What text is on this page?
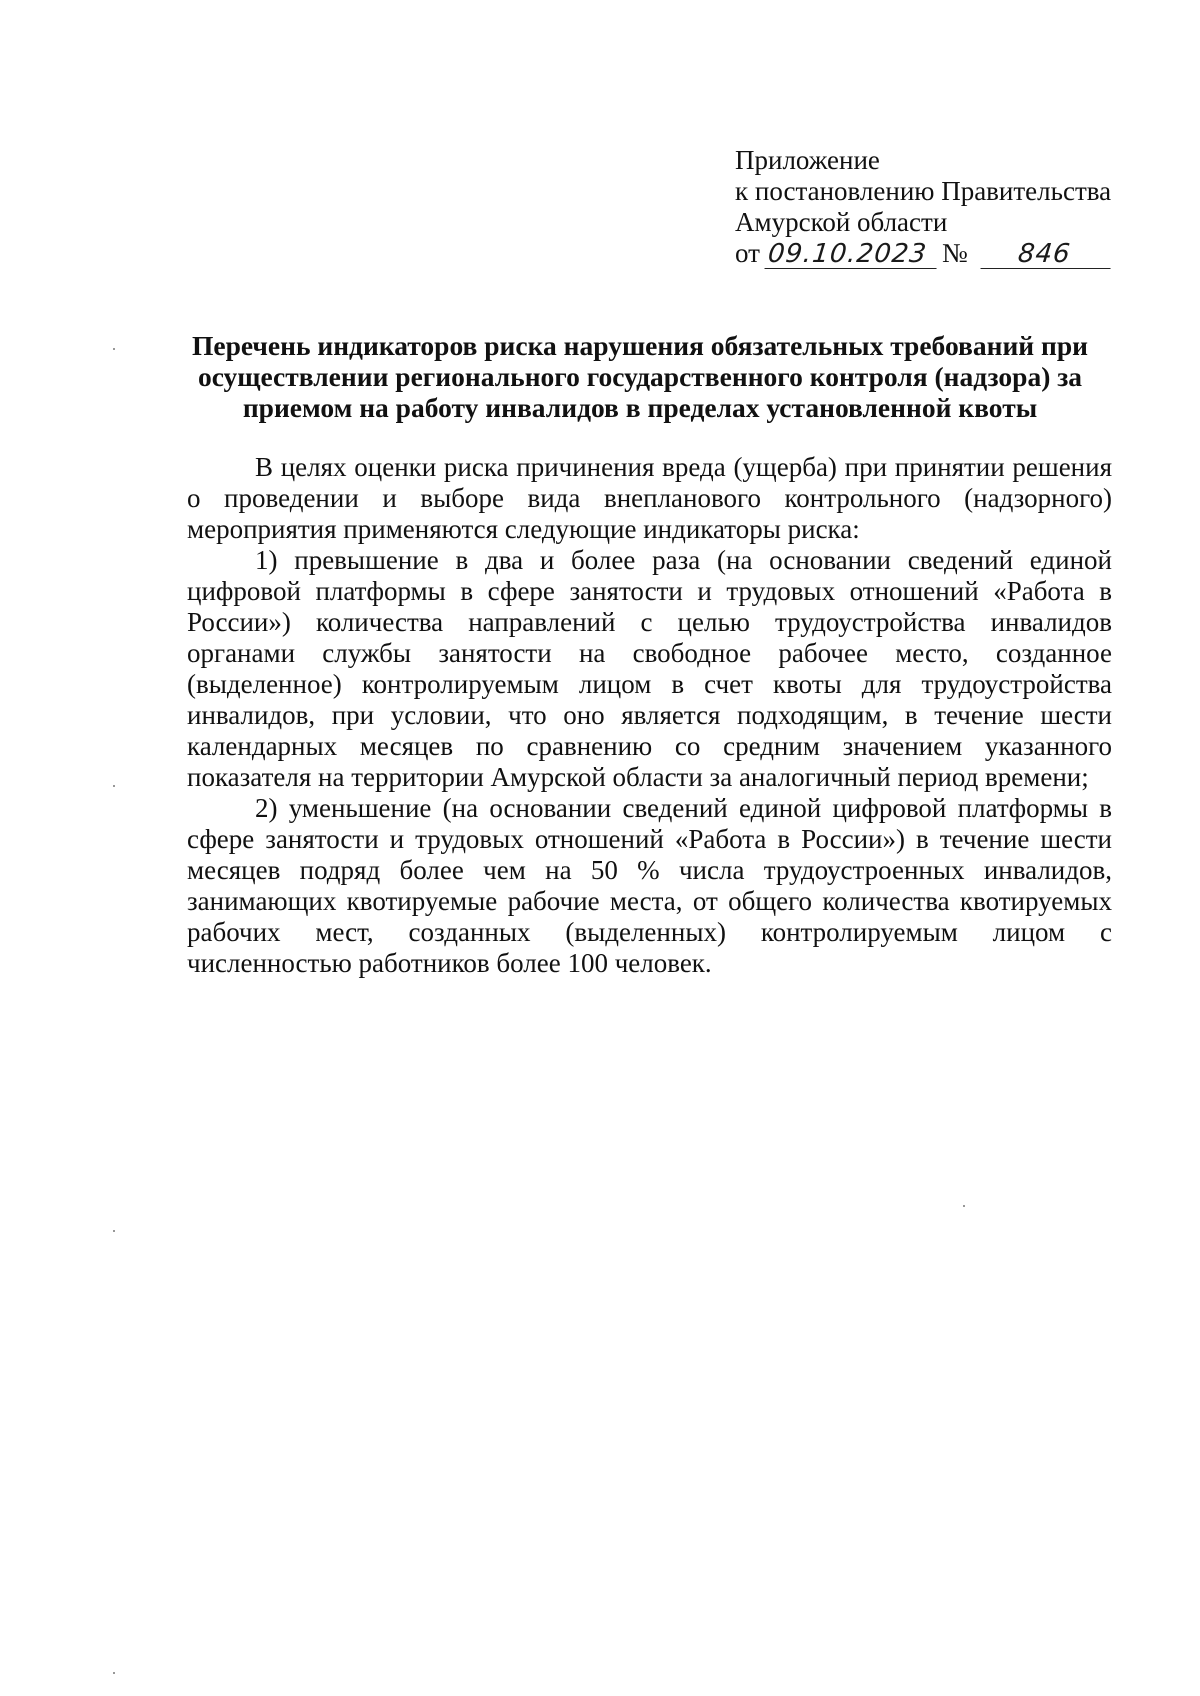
Приложение
к постановлению Правительства
Амурской области
от 09.10.2023 №	846
Перечень индикаторов риска нарушения обязательных требований при осуществлении регионального государственного контроля (надзора) за приемом на работу инвалидов в пределах установленной квоты

В целях оценки риска причинения вреда (ущерба) при принятии решения о проведении и выборе вида внепланового контрольного (надзорного) мероприятия применяются следующие индикаторы риска:

1) превышение в два и более раза (на основании сведений единой цифровой платформы в сфере занятости и трудовых отношений «Работа в России») количества направлений с целью трудоустройства инвалидов органами службы занятости на свободное рабочее место, созданное (выделенное) контролируемым лицом в счет квоты для трудоустройства инвалидов, при условии, что оно является подходящим, в течение шести календарных месяцев по сравнению со средним значением указанного показателя на территории Амурской области за аналогичный период времени;

2) уменьшение (на основании сведений единой цифровой платформы в сфере занятости и трудовых отношений «Работа в России») в течение шести месяцев подряд более чем на 50 % числа трудоустроенных инвалидов, занимающих квотируемые рабочие места, от общего количества квотируемых рабочих мест, созданных (выделенных) контролируемым лицом с численностью работников более 100 человек.
